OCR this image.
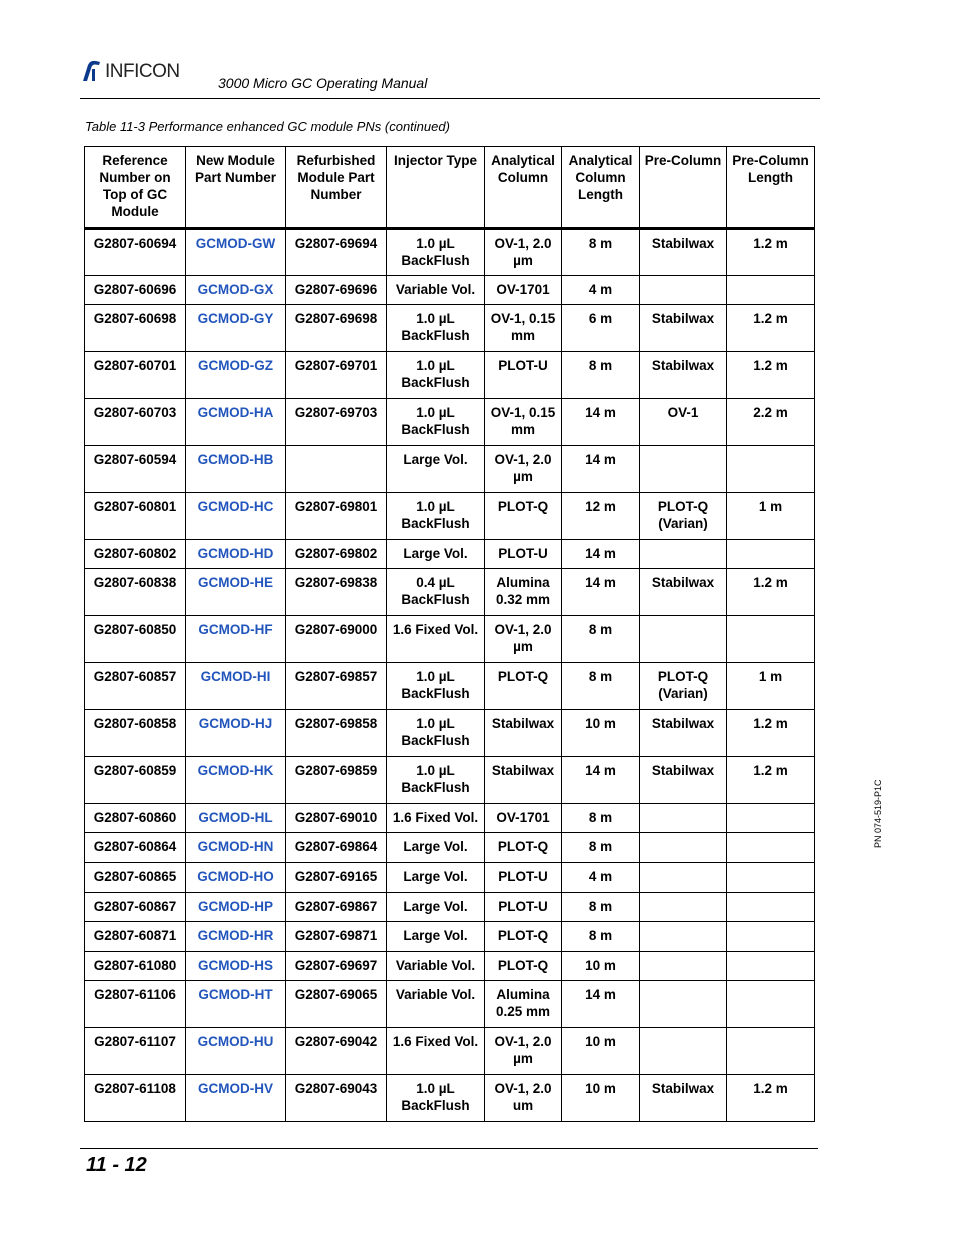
INFICON
3000 Micro GC Operating Manual
Table 11-3 Performance enhanced GC module PNs (continued)
Reference Number on Top of GC Module	New Module Part Number	Refurbished Module Part Number	Injector Type	Analytical Column	Analytical Column Length	Pre-Column	Pre-Column Length
G2807-60694	GCMOD-GW	G2807-69694	1.0 µL BackFlush	OV-1, 2.0 µm	8 m	Stabilwax	1.2 m
G2807-60696	GCMOD-GX	G2807-69696	Variable Vol.	OV-1701	4 m		
G2807-60698	GCMOD-GY	G2807-69698	1.0 µL BackFlush	OV-1, 0.15 mm	6 m	Stabilwax	1.2 m
G2807-60701	GCMOD-GZ	G2807-69701	1.0 µL BackFlush	PLOT-U	8 m	Stabilwax	1.2 m
G2807-60703	GCMOD-HA	G2807-69703	1.0 µL BackFlush	OV-1, 0.15 mm	14 m	OV-1	2.2 m
G2807-60594	GCMOD-HB		Large Vol.	OV-1, 2.0 µm	14 m		
G2807-60801	GCMOD-HC	G2807-69801	1.0 µL BackFlush	PLOT-Q	12 m	PLOT-Q (Varian)	1 m
G2807-60802	GCMOD-HD	G2807-69802	Large Vol.	PLOT-U	14 m		
G2807-60838	GCMOD-HE	G2807-69838	0.4 µL BackFlush	Alumina 0.32 mm	14 m	Stabilwax	1.2 m
G2807-60850	GCMOD-HF	G2807-69000	1.6 Fixed Vol.	OV-1, 2.0 µm	8 m		
G2807-60857	GCMOD-HI	G2807-69857	1.0 µL BackFlush	PLOT-Q	8 m	PLOT-Q (Varian)	1 m
G2807-60858	GCMOD-HJ	G2807-69858	1.0 µL BackFlush	Stabilwax	10 m	Stabilwax	1.2 m
G2807-60859	GCMOD-HK	G2807-69859	1.0 µL BackFlush	Stabilwax	14 m	Stabilwax	1.2 m
G2807-60860	GCMOD-HL	G2807-69010	1.6 Fixed Vol.	OV-1701	8 m		
G2807-60864	GCMOD-HN	G2807-69864	Large Vol.	PLOT-Q	8 m		
G2807-60865	GCMOD-HO	G2807-69165	Large Vol.	PLOT-U	4 m		
G2807-60867	GCMOD-HP	G2807-69867	Large Vol.	PLOT-U	8 m		
G2807-60871	GCMOD-HR	G2807-69871	Large Vol.	PLOT-Q	8 m		
G2807-61080	GCMOD-HS	G2807-69697	Variable Vol.	PLOT-Q	10 m		
G2807-61106	GCMOD-HT	G2807-69065	Variable Vol.	Alumina 0.25 mm	14 m		
G2807-61107	GCMOD-HU	G2807-69042	1.6 Fixed Vol.	OV-1, 2.0 µm	10 m		
G2807-61108	GCMOD-HV	G2807-69043	1.0 µL BackFlush	OV-1, 2.0 um	10 m	Stabilwax	1.2 m
11 - 12
PN 074-519-P1C
